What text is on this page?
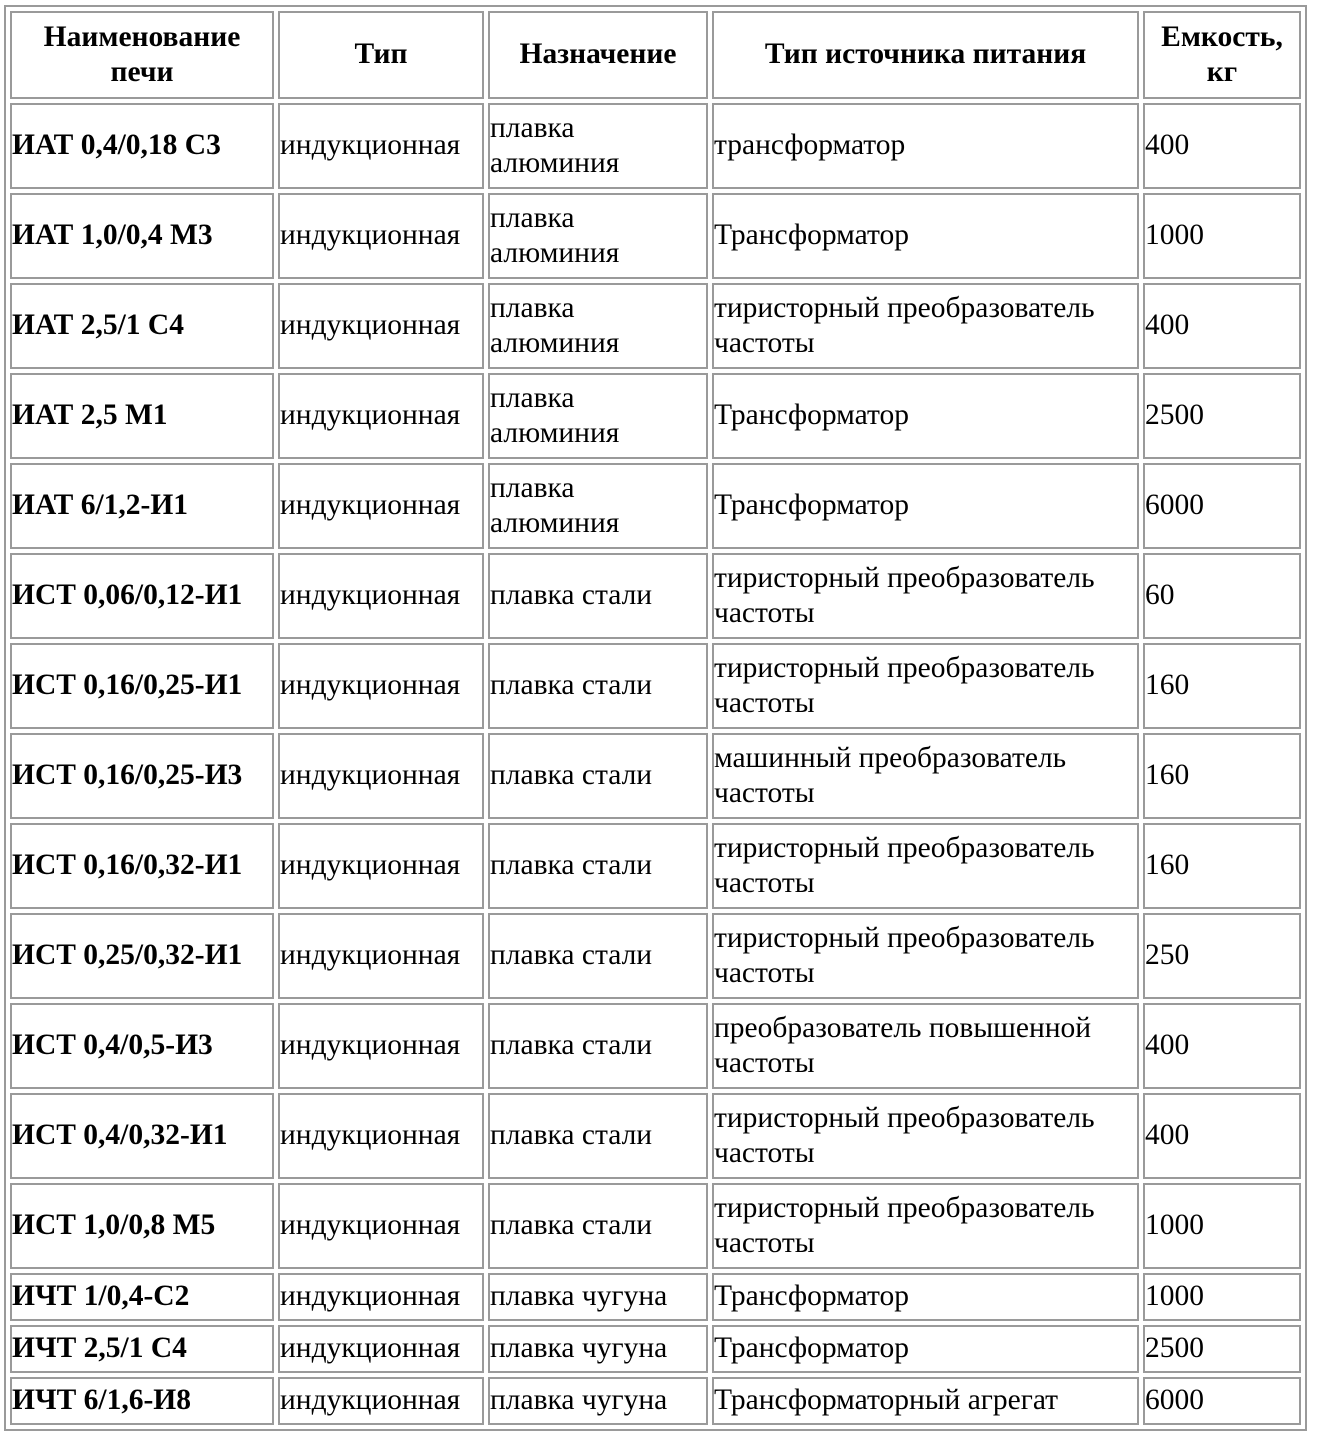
Наименование печи	Тип	Назначение	Тип источника питания	Емкость, кг
ИАТ 0,4/0,18 С3	индукционная	плавка алюминия	трансформатор	400
ИАТ 1,0/0,4 М3	индукционная	плавка алюминия	Трансформатор	1000
ИАТ 2,5/1 С4	индукционная	плавка алюминия	тиристорный преобразователь частоты	400
ИАТ 2,5 М1	индукционная	плавка алюминия	Трансформатор	2500
ИАТ 6/1,2-И1	индукционная	плавка алюминия	Трансформатор	6000
ИСТ 0,06/0,12-И1	индукционная	плавка стали	тиристорный преобразователь частоты	60
ИСТ 0,16/0,25-И1	индукционная	плавка стали	тиристорный преобразователь частоты	160
ИСТ 0,16/0,25-И3	индукционная	плавка стали	машинный преобразователь частоты	160
ИСТ 0,16/0,32-И1	индукционная	плавка стали	тиристорный преобразователь частоты	160
ИСТ 0,25/0,32-И1	индукционная	плавка стали	тиристорный преобразователь частоты	250
ИСТ 0,4/0,5-И3	индукционная	плавка стали	преобразователь повышенной частоты	400
ИСТ 0,4/0,32-И1	индукционная	плавка стали	тиристорный преобразователь частоты	400
ИСТ 1,0/0,8 М5	индукционная	плавка стали	тиристорный преобразователь частоты	1000
ИЧТ 1/0,4-С2	индукционная	плавка чугуна	Трансформатор	1000
ИЧТ 2,5/1 С4	индукционная	плавка чугуна	Трансформатор	2500
ИЧТ 6/1,6-И8	индукционная	плавка чугуна	Трансформаторный агрегат	6000
